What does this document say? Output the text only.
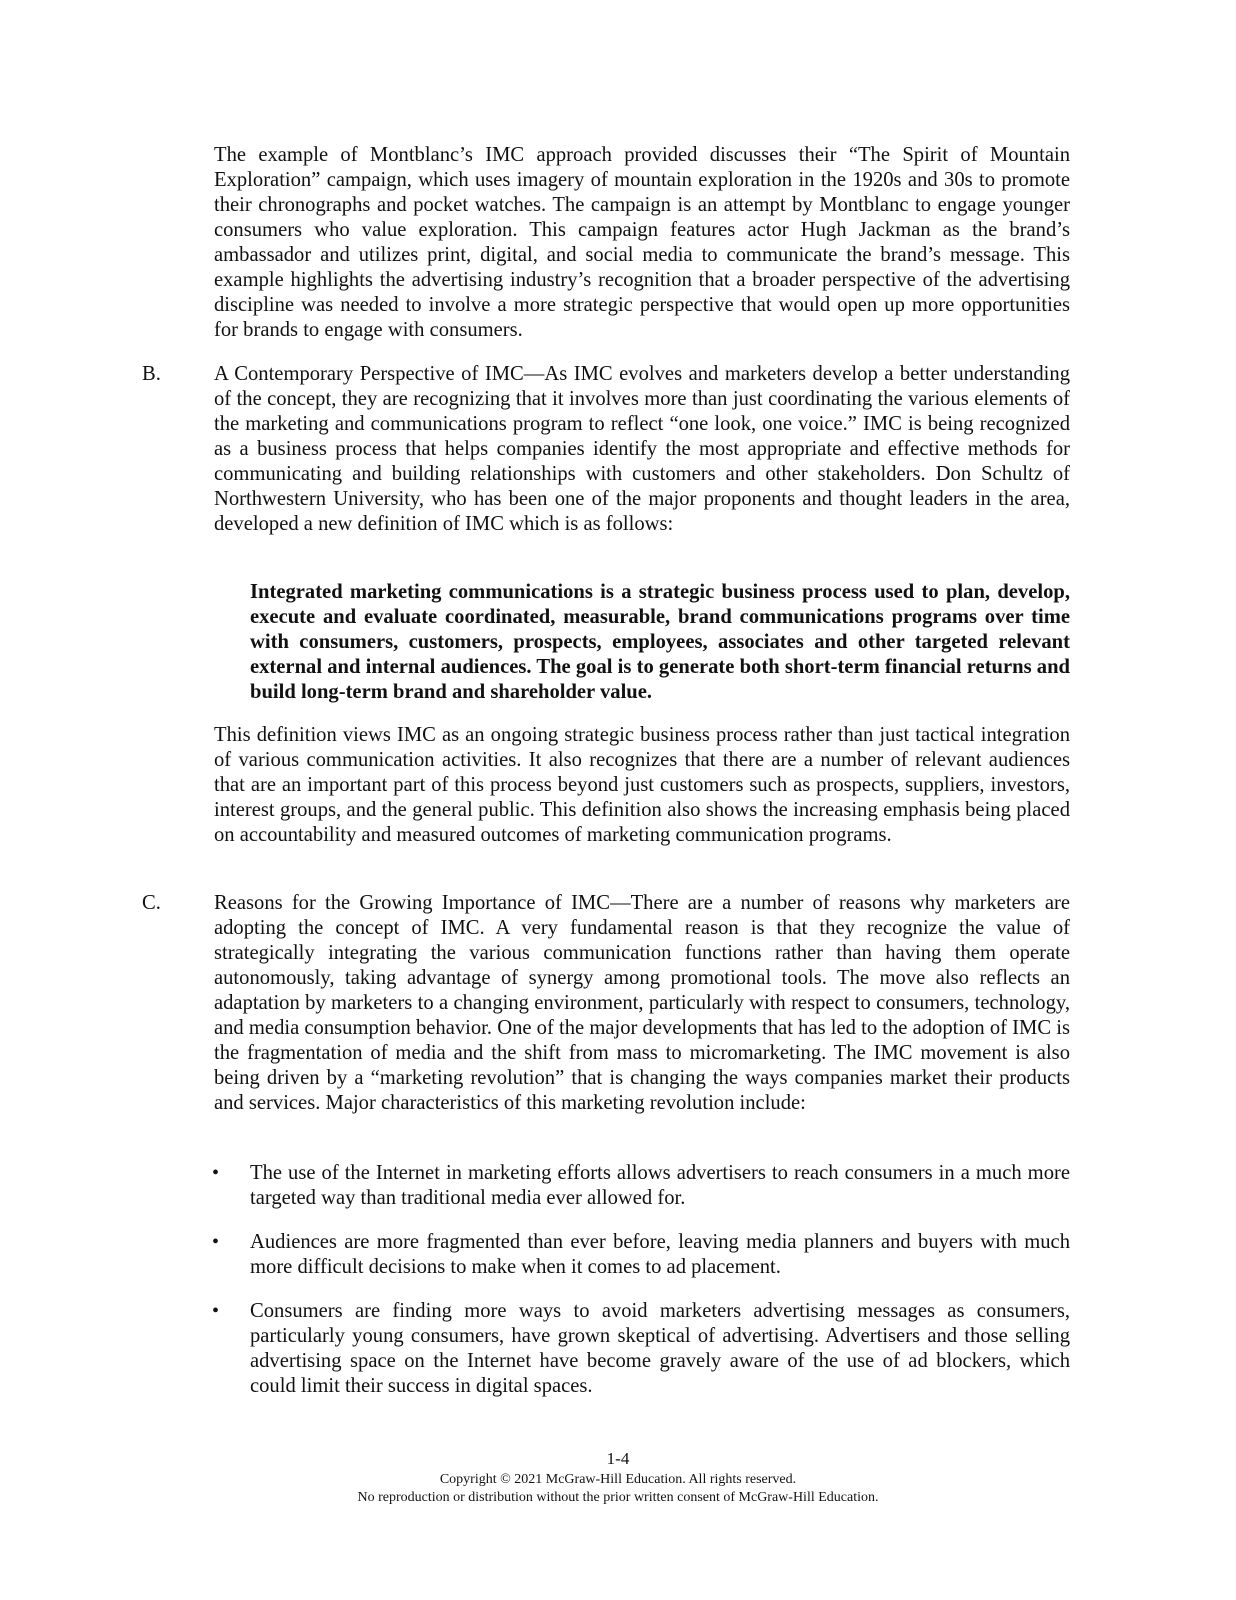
The example of Montblanc’s IMC approach provided discusses their “The Spirit of Mountain Exploration” campaign, which uses imagery of mountain exploration in the 1920s and 30s to promote their chronographs and pocket watches. The campaign is an attempt by Montblanc to engage younger consumers who value exploration. This campaign features actor Hugh Jackman as the brand’s ambassador and utilizes print, digital, and social media to communicate the brand’s message. This example highlights the advertising industry’s recognition that a broader perspective of the advertising discipline was needed to involve a more strategic perspective that would open up more opportunities for brands to engage with consumers.

B.	A Contemporary Perspective of IMC—As IMC evolves and marketers develop a better understanding of the concept, they are recognizing that it involves more than just coordinating the various elements of the marketing and communications program to reflect “one look, one voice.” IMC is being recognized as a business process that helps companies identify the most appropriate and effective methods for communicating and building relationships with customers and other stakeholders. Don Schultz of Northwestern University, who has been one of the major proponents and thought leaders in the area, developed a new definition of IMC which is as follows:

Integrated marketing communications is a strategic business process used to plan, develop, execute and evaluate coordinated, measurable, brand communications programs over time with consumers, customers, prospects, employees, associates and other targeted relevant external and internal audiences. The goal is to generate both short-term financial returns and build long-term brand and shareholder value.

This definition views IMC as an ongoing strategic business process rather than just tactical integration of various communication activities. It also recognizes that there are a number of relevant audiences that are an important part of this process beyond just customers such as prospects, suppliers, investors, interest groups, and the general public. This definition also shows the increasing emphasis being placed on accountability and measured outcomes of marketing communication programs.

C.	Reasons for the Growing Importance of IMC—There are a number of reasons why marketers are adopting the concept of IMC. A very fundamental reason is that they recognize the value of strategically integrating the various communication functions rather than having them operate autonomously, taking advantage of synergy among promotional tools. The move also reflects an adaptation by marketers to a changing environment, particularly with respect to consumers, technology, and media consumption behavior. One of the major developments that has led to the adoption of IMC is the fragmentation of media and the shift from mass to micromarketing. The IMC movement is also being driven by a “marketing revolution” that is changing the ways companies market their products and services. Major characteristics of this marketing revolution include:

• The use of the Internet in marketing efforts allows advertisers to reach consumers in a much more targeted way than traditional media ever allowed for.

• Audiences are more fragmented than ever before, leaving media planners and buyers with much more difficult decisions to make when it comes to ad placement.

• Consumers are finding more ways to avoid marketers advertising messages as consumers, particularly young consumers, have grown skeptical of advertising. Advertisers and those selling advertising space on the Internet have become gravely aware of the use of ad blockers, which could limit their success in digital spaces.

1-4

Copyright © 2021 McGraw-Hill Education. All rights reserved.

No reproduction or distribution without the prior written consent of McGraw-Hill Education.
